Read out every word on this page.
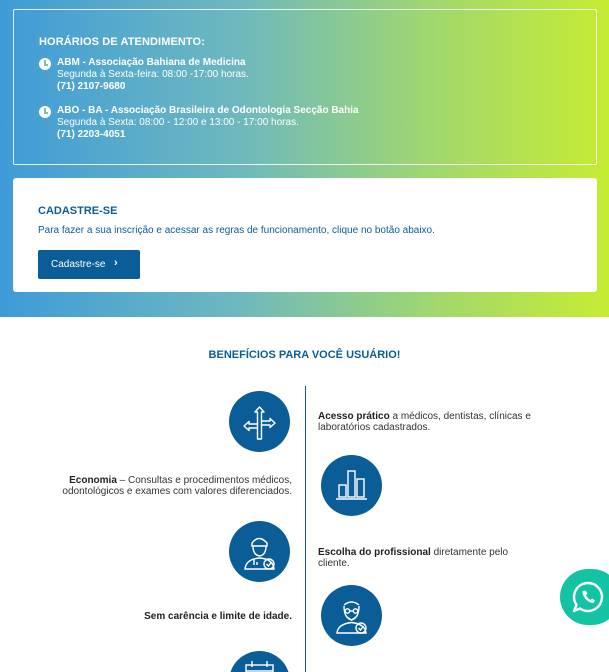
HORÁRIOS DE ATENDIMENTO:
ABM - Associação Bahiana de Medicina
Segunda à Sexta-feira: 08:00 -17:00 horas.
(71) 2107-9680
ABO - BA - Associação Brasileira de Odontologia Secção Bahia
Segunda à Sexta: 08:00 - 12:00 e 13:00 - 17:00 horas.
(71) 2203-4051
CADASTRE-SE
Para fazer a sua inscrição e acessar as regras de funcionamento, clique no botão abaixo.
Cadastre-se ›
BENEFÍCIOS PARA VOCÊ USUÁRIO!
Acesso prático a médicos, dentistas, clínicas e laboratórios cadastrados.
Economia – Consultas e procedimentos médicos, odontológicos e exames com valores diferenciados.
Escolha do profissional diretamente pelo cliente.
Sem carência e limite de idade.
